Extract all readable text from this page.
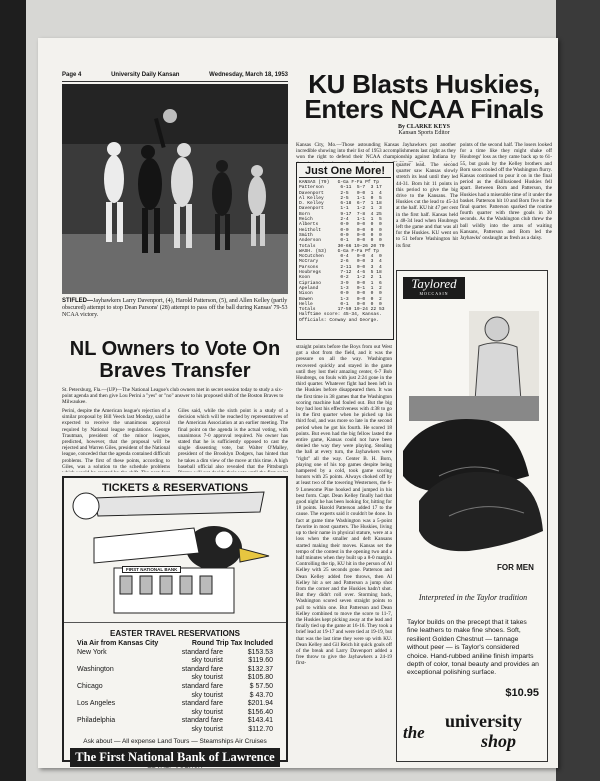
Page 4	University Daily Kansan	Wednesday, March 18, 1953
STIFLED—Jayhawkers Larry Davenport, (4), Harold Patterson, (5), and Allen Kelley (partly obscured) attempt to stop Dean Parsons' (28) attempt to pass off the ball during Kansas' 79-53 NCAA victory.
NL Owners to Vote On Braves Transfer
St. Petersburg, Fla.—(UP)—The National League's club owners met in secret session today to study a six-point agenda and then give Lou Perini a "yes" or "no" answer to his proposed shift of the Boston Braves to Milwaukee.
Perini, despite the American league's rejection of a similar proposal by Bill Veeck last Monday, said he expected to receive the unanimous approval required by National league regulations. George Trautman, president of the minor leagues, predicted, however, that the proposal will be rejected and Warren Giles, president of the National league, conceded that the agenda contained difficult problems. The first of these points, according to Giles, was a solution to the schedule problems
Giles said, while the sixth point is a study of a decision which will be reached by representatives of the American Association at an earlier meeting. The final point on the agenda is the actual voting, with unanimous 7-0 approval required. No owner has stated that he is sufficiently opposed to cast the single dissenting vote, but Walter O'Malley, president of the Brooklyn Dodgers, has hinted that he takes a dim view of the move at this time. A high baseball official also revealed that the Pittsburgh
FIRST NATIONAL BANK
TICKETS & RESERVATIONS
EASTER TRAVEL RESERVATIONS
Via Air from Kansas City	Round Trip Tax Included
New York	standard fare	$153.53
sky tourist	$119.60
Washington	standard fare	$132.37
sky tourist	$105.80
Chicago	standard fare	$ 57.50
sky tourist	$ 43.70
Los Angeles	standard fare	$201.94
sky tourist	$156.40
Philadelphia	standard fare	$143.41
sky tourist	$112.70
Ask about — All expense Land Tours — Steamships Air Cruises
The First National Bank of Lawrence
KU Blasts Huskies, Enters NCAA Finals
By CLARKE KEYS
Kansan Sports Editor
Kansas City, Mo.—Those astounding Kansas Jayhawkers put another incredible showing into their list of 1953 accomplishments last night as they won the right to defend their NCAA championship against Indiana by
points of the second half. The losers looked for a time like they might shake off Houbregs' loss as they came back up to 61-55, but goals by the Kelley brothers and Born soon cooled off the Washington flurry. Kansas continued to pour it on in the final period as the disillusioned Huskies fell apart. Between Born and Patterson, the Huskies had a miserable time of it under the basket. Patterson hit 10 and Born five in the final quarter. Patterson sparked the routine fourth quarter with three goals in 30 seconds. As the Washington club threw the ball wildly into the arms of waiting Kansans, Patterson and Born led the Jayhawks' onslaught as fresh as a daisy.
quarter lead. The second quarter saw Kansas slowly stretch its lead until they led 44-31. Born hit 11 points in this period to give the big drive to the Kansans. The Huskies cut the lead to 45-34 at the half. KU hit 47 per cent in the first half. Kansas held a 48-34 lead when Houbregs left the game and that was all for the Huskies. KU went on to 51 before Washington hit its first
Just One More!
KANSAS (79)   G-Ga F-Fa Pf Tp
Patterson      6-11  5-7  3 17
Davenport      2-5   0-0  1  4
Al Kelley      2-5   1-1  0  5
D. Kelley      6-18  6-7  1 18
Davenport      1-1   1-2  1  3
Born           9-17  7-8  4 25
Reich          2-4   1-1  1  5
Alberts        0-0   0-0  0  0
Heitholt       0-0   0-0  0  0
Smith          0-0   0-0  0  0
Anderson       0-1   0-0  0  0
Totals        30-66 19-26 20 79
WASH. (53)    G-Ga F-Fa Pf Tp
McCutchen      0-4   0-0  4  0
McCrary        2-6   0-0  3  4
Parsons        2-11  0-0  3  4
Houbregs       7-12  4-6  5 18
Koon           0-2   1-2  2  1
Cipriano       3-9   0-0  1  6
Apeland        1-3   0-1  1  2
Nixon          0-0   0-0  0  0
Bowen          1-3   0-0  0  2
Helle          0-1   0-0  0  0
Totals        17-59 19-24 22 53
Halftime score: 45-34, Kansas.
Officials: Conway and George.
straight points before the Boys from out West got a shot from the field, and it was the pressure on all the way. Washington recovered quickly and stayed in the game until they lost their amazing center, 6-7 Bob Houbregs, on fouls with just 2:24 gone in the third quarter. Whatever fight had been left in the Huskies before disappeared then. It was the first time in 38 games that the Washington scoring machine had fouled out. But the big boy had lost his effectiveness with 4:38 to go in the first quarter when he picked up his third foul, and was more so late in the second period when he got his fourth. He scored 18 points. But even had the big fellow lasted the entire game, Kansas could not have been denied the way they were playing. Stealing the ball at every turn, the Jayhawkers were "right" all the way. Center B. H. Born, playing one of his top games despite being hampered by a cold, took game scoring honors with 25 points. Always choked off by at least two of the towering Westerners, the 6-9 Lonesome Pine hooked and jumped in his best form. Capt. Dean Kelley finally had that good night he has been looking for, hitting for 18 points. Harold Patterson added 17 to the cause. The experts said it couldn't be done. In fact at game time Washington was a 5-point favorite in most quarters. The Huskies, living up to their name in physical stature, were at a loss when the smaller and deft Kansans started making their moves. Kansas set the tempo of the contest in the opening two and a half minutes when they built up a 8-0 margin. Controlling the tip, KU hit in the person of Al Kelley with 25 seconds gone. Patterson and Dean Kelley added free throws, then Al Kelley hit a set and Patterson a jump shot from the corner and the Huskies hadn't shot. But they didn't roll over. Storming back, Washington scored seven straight points to pull to within one. But Patterson and Dean Kelley combined to move the score to 11-7, the Huskies kept picking away at the lead and finally tied up the game at 16-16. They took a brief lead at 19-17 and were tied at 19-19, but that was the last time they were up with KU. Dean Kelley and Gil Reich hit quick goals off of the break and Larry Davenport added a free throw to give the Jayhawkers a 24-19 first-
Taylored
MOCCASIN
FOR MEN
Interpreted in the Taylor tradition
Taylor builds on the precept that it takes fine leathers to make fine shoes. Soft, resilient Golden Chestnut — tannage without peer — is Taylor's considered choice. Hand-rubbed aniline finish imparts depth of color, tonal beauty and provides an exceptional polishing surface.
$10.95
the
university
shop
